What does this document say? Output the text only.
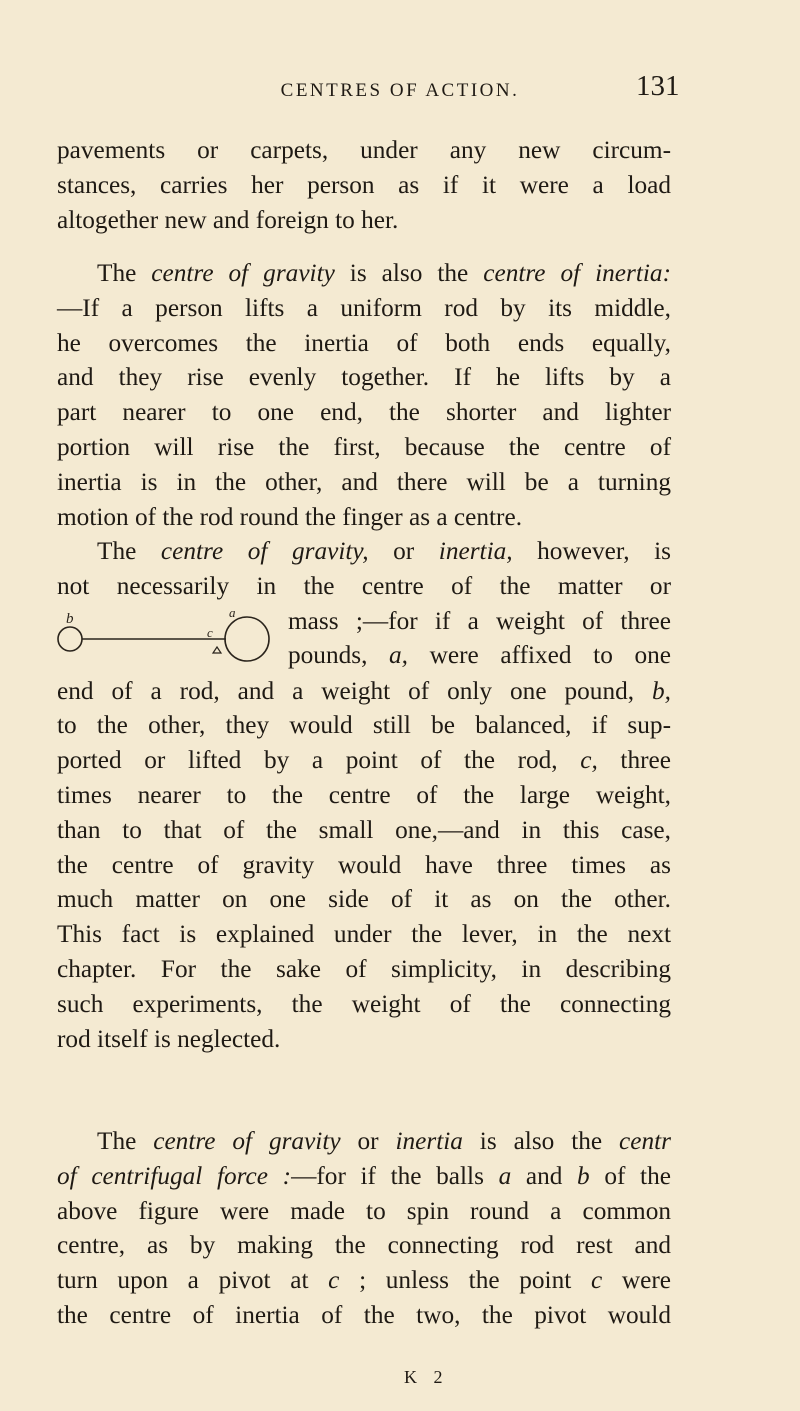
CENTRES OF ACTION.	131
pavements or carpets, under any new circum-
stances, carries her person as if it were a load
altogether new and foreign to her.
The centre of gravity is also the centre of inertia:
—If a person lifts a uniform rod by its middle,
he overcomes the inertia of both ends equally,
and they rise evenly together. If he lifts by a
part nearer to one end, the shorter and lighter
portion will rise the first, because the centre of
inertia is in the other, and there will be a turning
motion of the rod round the finger as a centre.
The centre of gravity, or inertia, however, is
not necessarily in the centre of the matter or
b
c
a mass ;—for if a weight of three
pounds, a, were affixed to one
end of a rod, and a weight of only one pound, b,
to the other, they would still be balanced, if sup-
ported or lifted by a point of the rod, c, three
times nearer to the centre of the large weight,
than to that of the small one,—and in this case,
the centre of gravity would have three times as
much matter on one side of it as on the other.
This fact is explained under the lever, in the next
chapter. For the sake of simplicity, in describing
such experiments, the weight of the connecting
rod itself is neglected.
The centre of gravity or inertia is also the centr
of centrifugal force :—for if the balls a and b of the
above figure were made to spin round a common
centre, as by making the connecting rod rest and
turn upon a pivot at c ; unless the point c were
the centre of inertia of the two, the pivot would
K 2
